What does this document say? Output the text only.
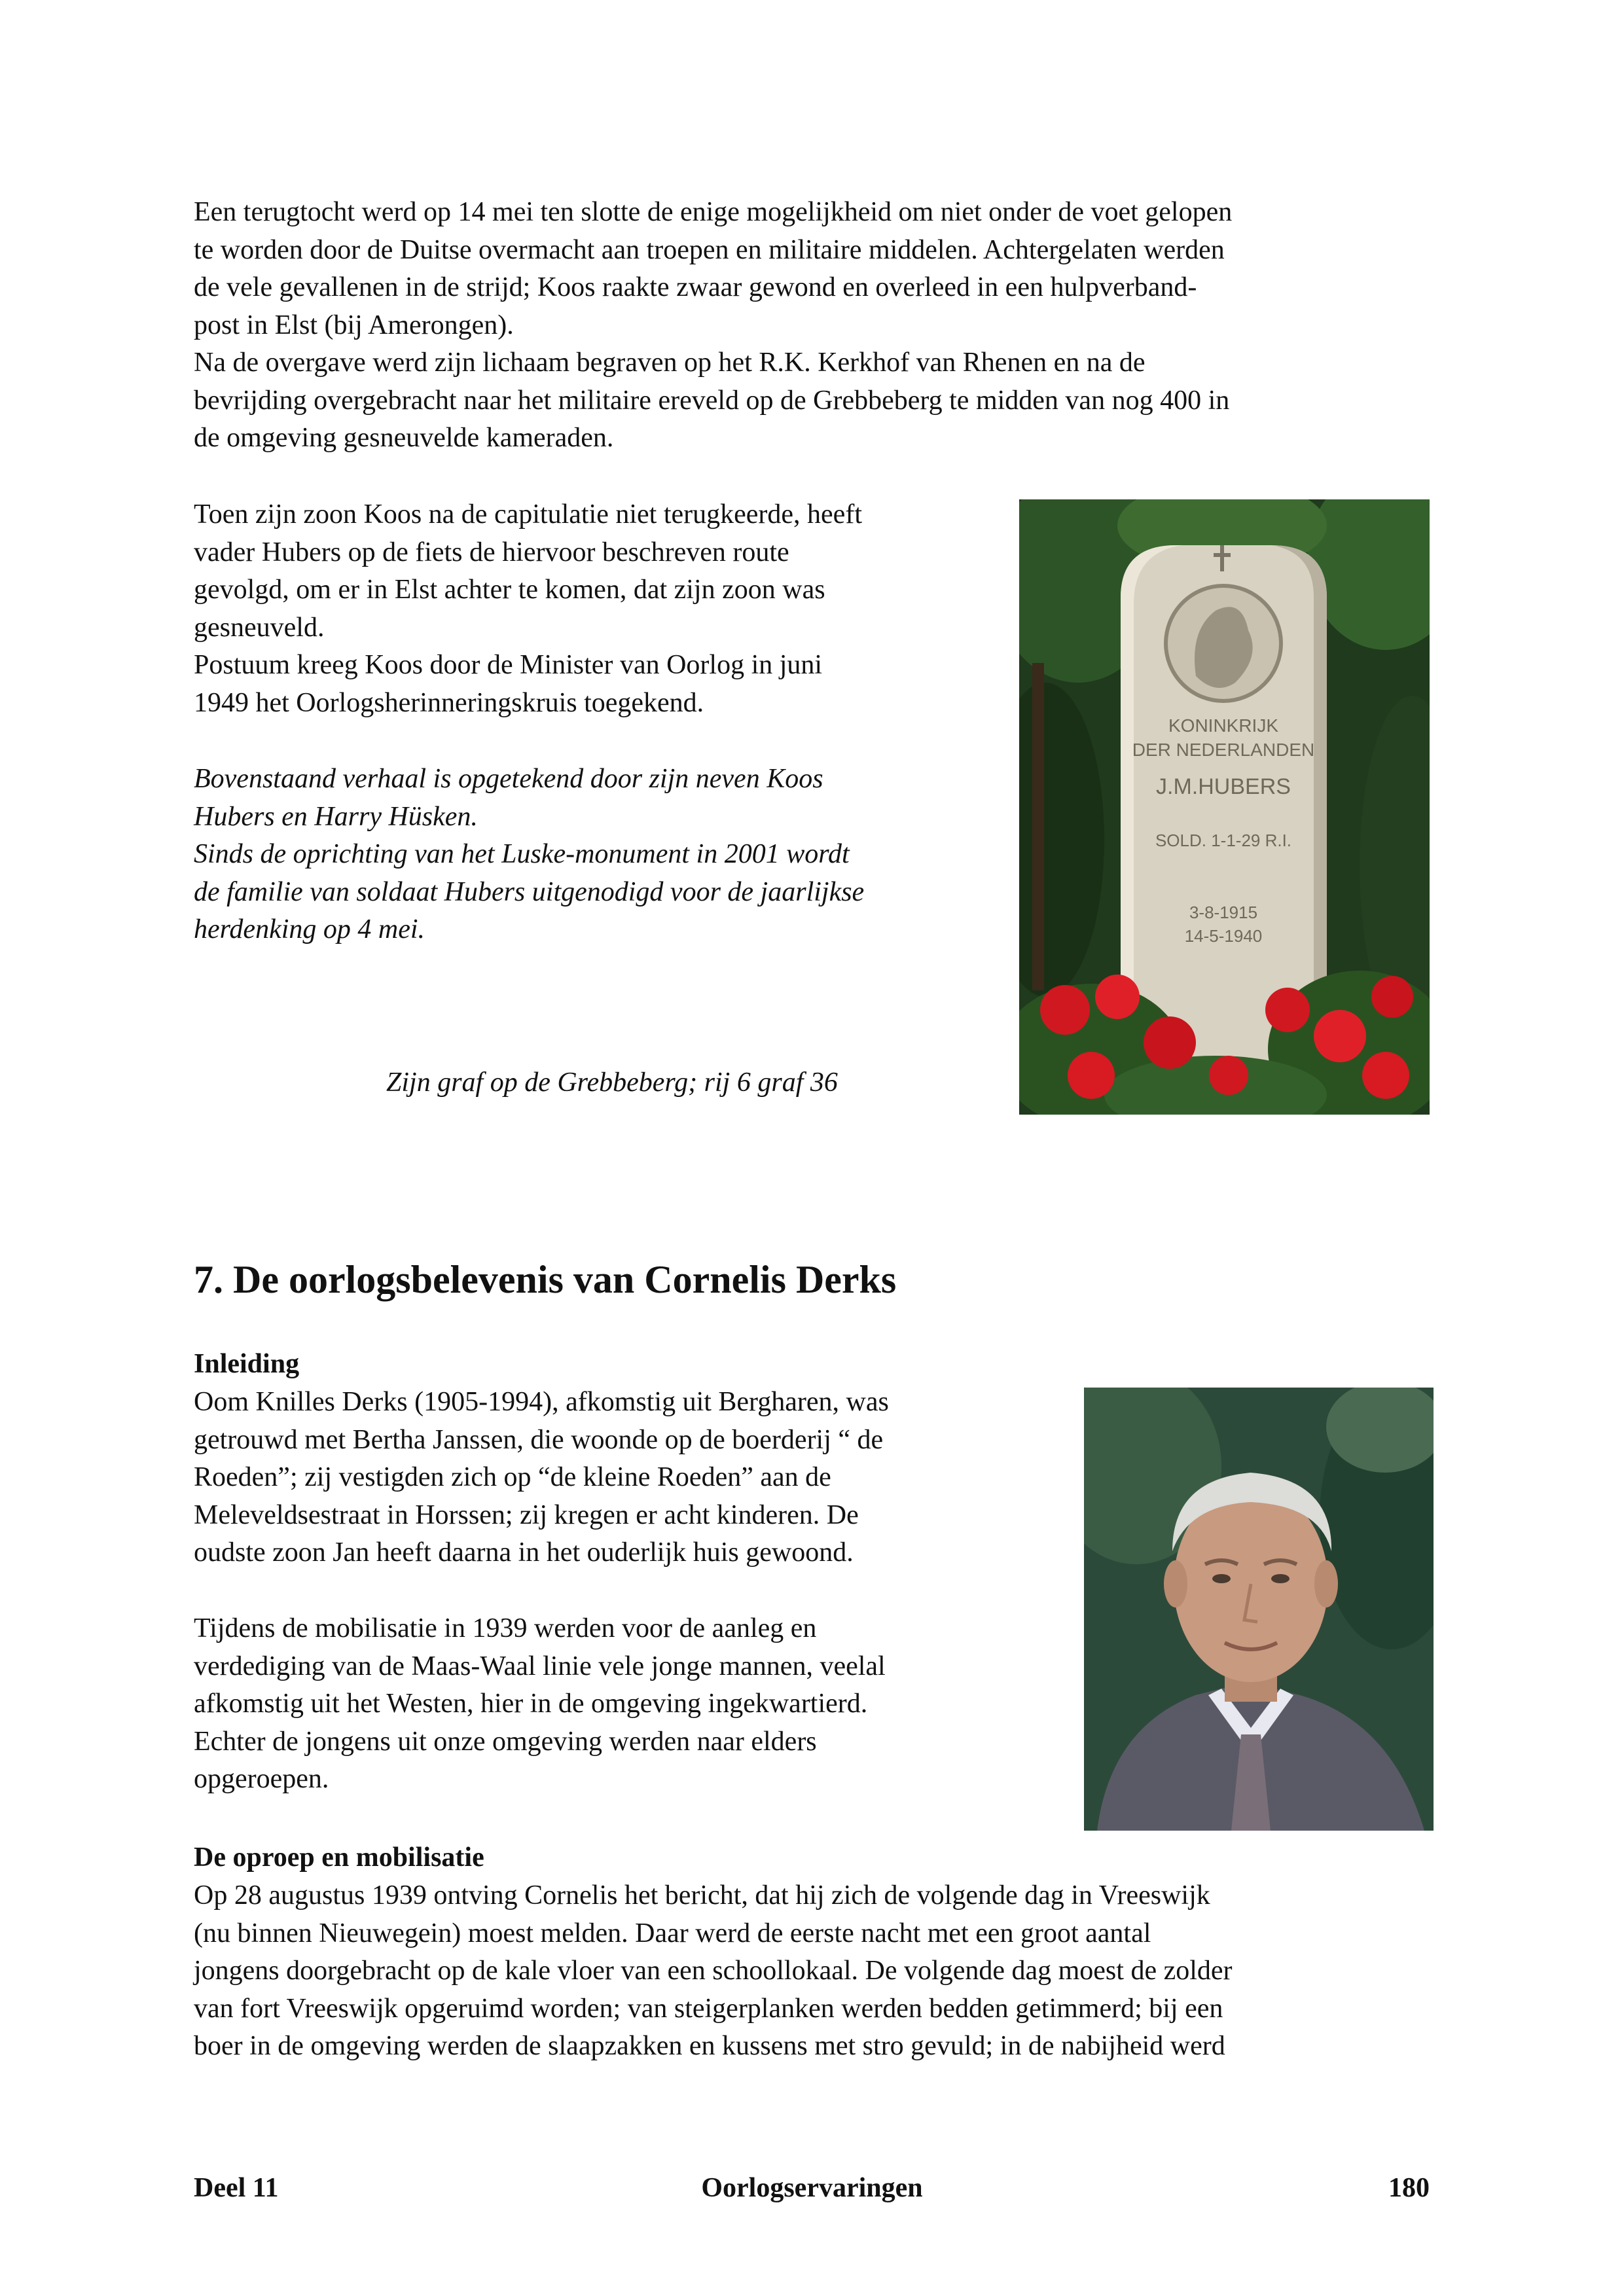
Een terugtocht werd op 14 mei ten slotte de enige mogelijkheid om niet onder de voet gelopen
te worden door de Duitse overmacht aan troepen en militaire middelen. Achtergelaten werden
de vele gevallenen in de strijd; Koos raakte zwaar gewond en overleed in een hulpverband-
post in Elst (bij Amerongen).
Na de overgave werd zijn lichaam begraven op het R.K. Kerkhof van Rhenen en na de
bevrijding overgebracht naar het militaire ereveld op de Grebbeberg te midden van nog 400 in
de omgeving gesneuvelde kameraden.
Toen zijn zoon Koos na de capitulatie niet terugkeerde, heeft
vader Hubers op de fiets de hiervoor beschreven route
gevolgd, om er in Elst achter te komen, dat zijn zoon was
gesneuveld.
Postuum kreeg Koos door de Minister van Oorlog in juni
1949 het Oorlogsherinneringskruis toegekend.
Bovenstaand verhaal is opgetekend door zijn neven Koos
Hubers en Harry Hüsken.
Sinds de oprichting van het Luske-monument in 2001 wordt
de familie van soldaat Hubers uitgenodigd voor de jaarlijkse
herdenking op 4 mei.
Zijn graf op de Grebbeberg; rij 6 graf 36
KONINKRIJK
DER NEDERLANDEN
J.M.HUBERS
SOLD. 1-1-29 R.I.
3-8-1915
14-5-1940
7. De oorlogsbelevenis van Cornelis Derks
Inleiding
Oom Knilles Derks (1905-1994), afkomstig uit Bergharen, was
getrouwd met Bertha Janssen, die woonde op de boerderij “ de
Roeden”; zij vestigden zich op “de kleine Roeden” aan de
Meleveldsestraat in Horssen; zij kregen er acht kinderen. De
oudste zoon Jan heeft daarna in het ouderlijk huis gewoond.
Tijdens de mobilisatie in 1939 werden voor de aanleg en
verdediging van de Maas-Waal linie vele jonge mannen, veelal
afkomstig uit het Westen, hier in de omgeving ingekwartierd.
Echter de jongens uit onze omgeving werden naar elders
opgeroepen.
De oproep en mobilisatie
Op 28 augustus 1939 ontving Cornelis het bericht, dat hij zich de volgende dag in Vreeswijk
(nu binnen Nieuwegein) moest melden. Daar werd de eerste nacht met een groot aantal
jongens doorgebracht op de kale vloer van een schoollokaal. De volgende dag moest de zolder
van fort Vreeswijk opgeruimd worden; van steigerplanken werden bedden getimmerd; bij een
boer in de omgeving werden de slaapzakken en kussens met stro gevuld; in de nabijheid werd
Deel 11	Oorlogservaringen	180
